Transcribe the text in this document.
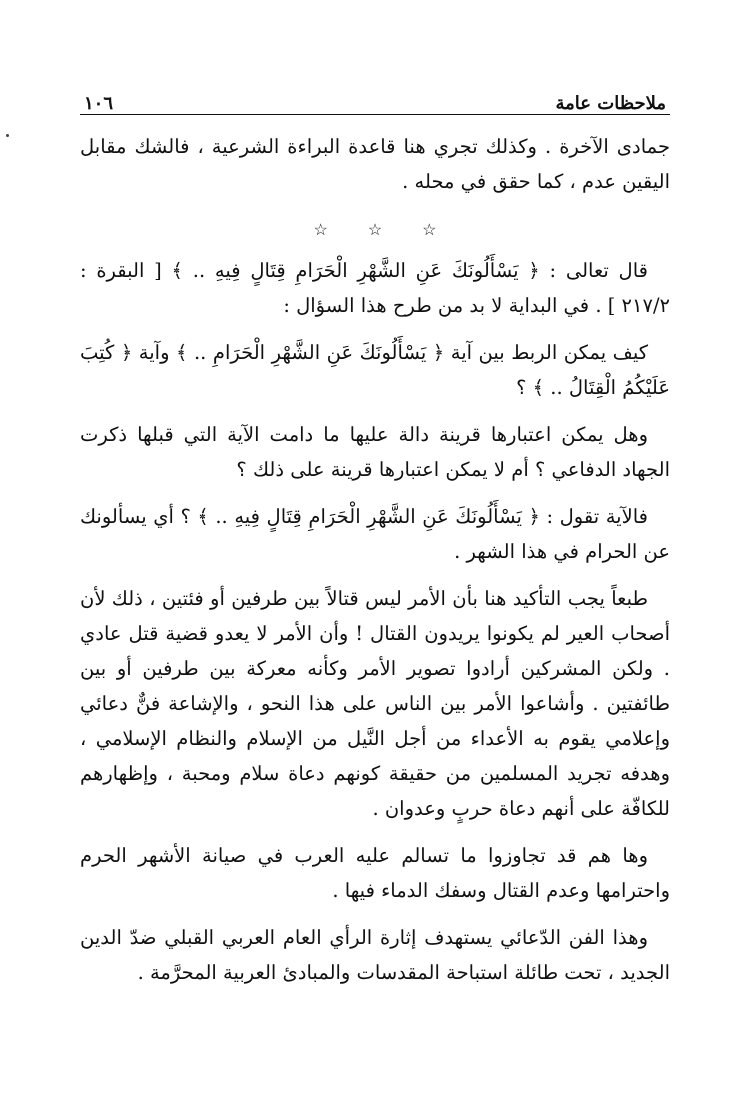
ملاحظات عامة
١٠٦

جمادى الآخرة . وكذلك تجري هنا قاعدة البراءة الشرعية ، فالشك مقابل اليقين عدم ، كما حقق في محله .

☆	☆	☆

قال تعالى : ﴿ يَسْأَلُونَكَ عَنِ الشَّهْرِ الْحَرَامِ قِتَالٍ فِيهِ .. ﴾ [ البقرة : ٢١٧/٢ ] . في البداية لا بد من طرح هذا السؤال :

كيف يمكن الربط بين آية ﴿ يَسْأَلُونَكَ عَنِ الشَّهْرِ الْحَرَامِ .. ﴾ وآية ﴿ كُتِبَ عَلَيْكُمُ الْقِتَالُ .. ﴾ ؟

وهل يمكن اعتبارها قرينة دالة عليها ما دامت الآية التي قبلها ذكرت الجهاد الدفاعي ؟ أم لا يمكن اعتبارها قرينة على ذلك ؟

فالآية تقول : ﴿ يَسْأَلُونَكَ عَنِ الشَّهْرِ الْحَرَامِ قِتَالٍ فِيهِ .. ﴾ ؟ أي يسألونك عن الحرام في هذا الشهر .

طبعاً يجب التأكيد هنا بأن الأمر ليس قتالاً بين طرفين أو فئتين ، ذلك لأن أصحاب العير لم يكونوا يريدون القتال ! وأن الأمر لا يعدو قضية قتل عادي . ولكن المشركين أرادوا تصوير الأمر وكأنه معركة بين طرفين أو بين طائفتين . وأشاعوا الأمر بين الناس على هذا النحو ، والإشاعة فنٌّ دعائي وإعلامي يقوم به الأعداء من أجل النَّيل من الإسلام والنظام الإسلامي ، وهدفه تجريد المسلمين من حقيقة كونهم دعاة سلام ومحبة ، وإظهارهم للكافّة على أنهم دعاة حربٍ وعدوان .

وها هم قد تجاوزوا ما تسالم عليه العرب في صيانة الأشهر الحرم واحترامها وعدم القتال وسفك الدماء فيها .

وهذا الفن الدّعائي يستهدف إثارة الرأي العام العربي القبلي ضدّ الدين الجديد ، تحت طائلة استباحة المقدسات والمبادئ العربية المحرَّمة .
